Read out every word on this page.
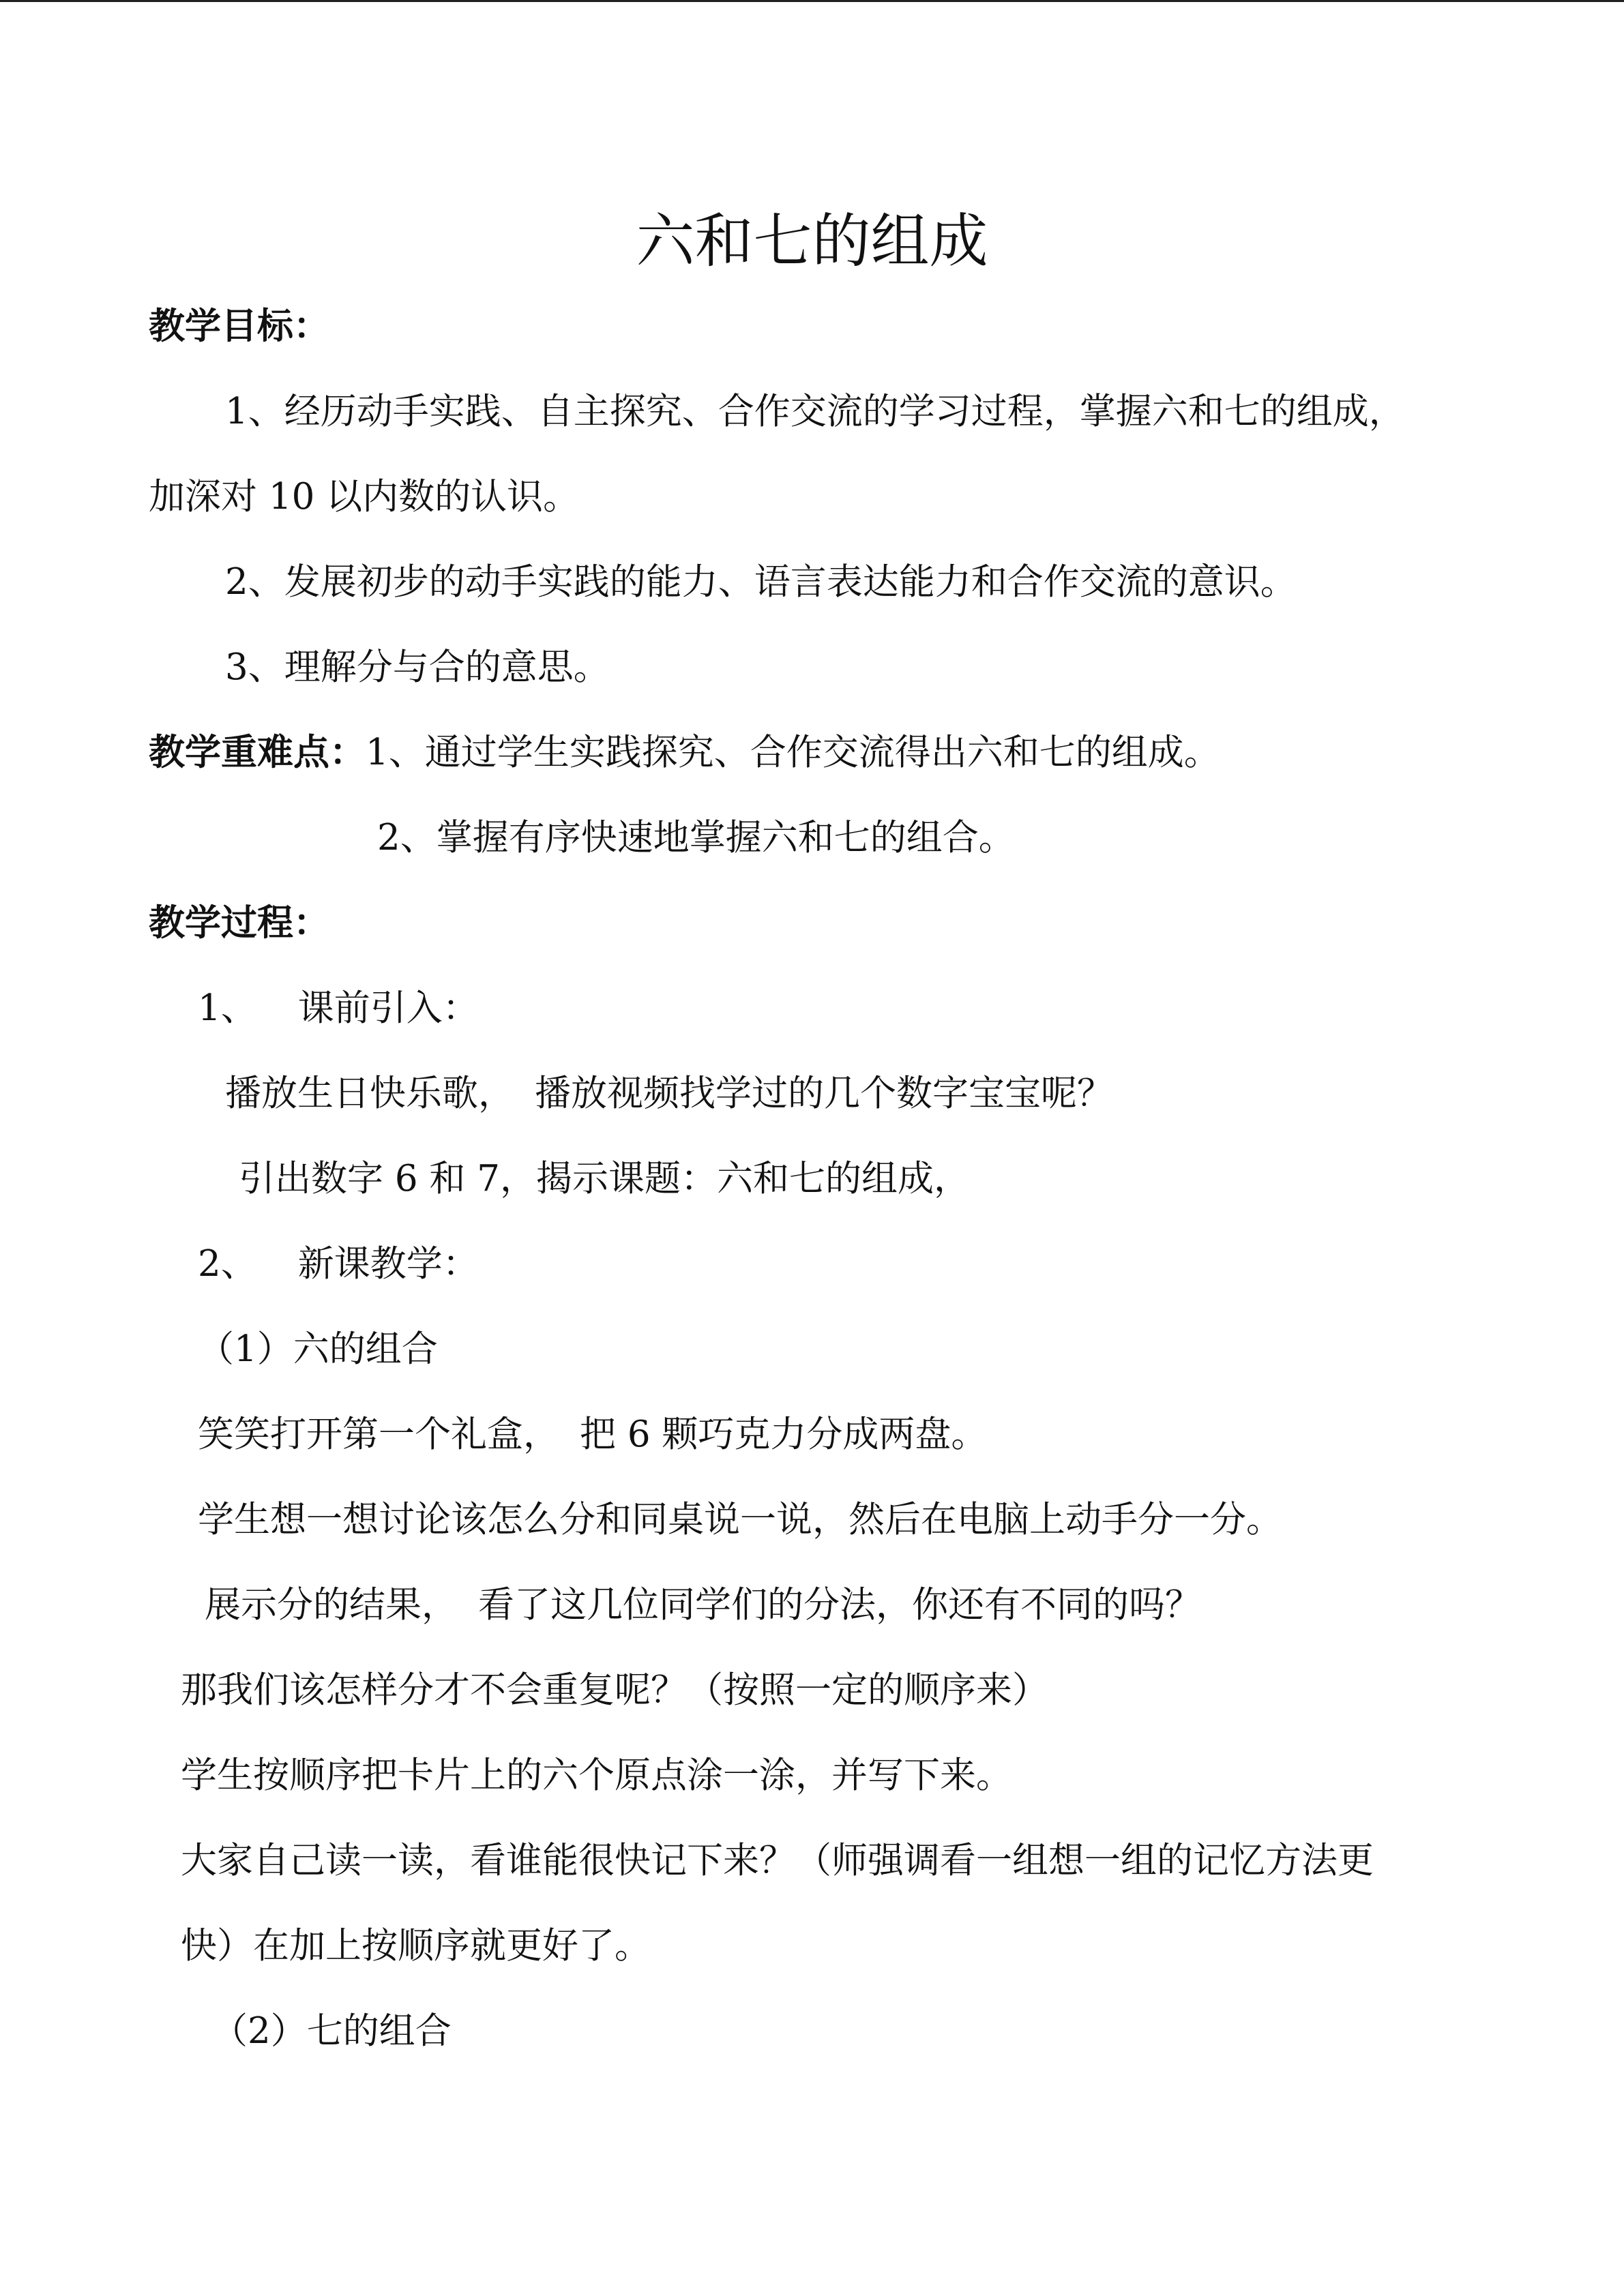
六和七的组成
教学目标：
1、经历动手实践、自主探究、合作交流的学习过程，掌握六和七的组成，
加深对 10 以内数的认识。
2、发展初步的动手实践的能力、语言表达能力和合作交流的意识。
3、理解分与合的意思。
教学重难点：1、通过学生实践探究、合作交流得出六和七的组成。
2、掌握有序快速地掌握六和七的组合。
教学过程：
1、 课前引入：
播放生日快乐歌， 播放视频找学过的几个数字宝宝呢？
引出数字 6 和 7，揭示课题：六和七的组成，
2、 新课教学：
（1）六的组合
笑笑打开第一个礼盒， 把 6 颗巧克力分成两盘。
学生想一想讨论该怎么分和同桌说一说，然后在电脑上动手分一分。
展示分的结果， 看了这几位同学们的分法，你还有不同的吗？
那我们该怎样分才不会重复呢？（按照一定的顺序来）
学生按顺序把卡片上的六个原点涂一涂，并写下来。
大家自己读一读，看谁能很快记下来？（师强调看一组想一组的记忆方法更
快）在加上按顺序就更好了。
（2）七的组合
